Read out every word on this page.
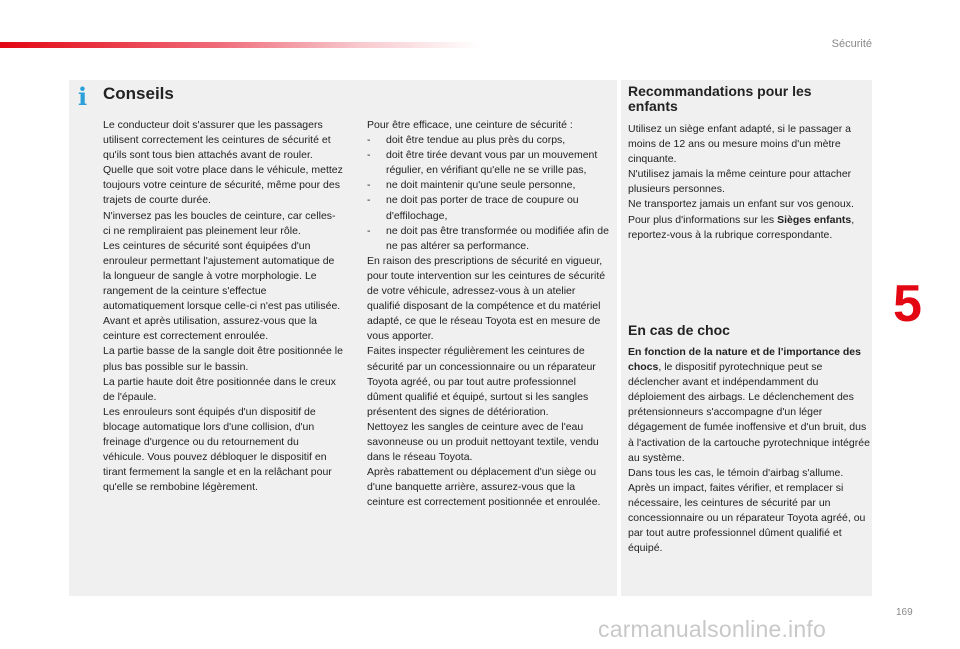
Sécurité
5
169
carmanualsonline.info
i Conseils

Le conducteur doit s'assurer que les passagers utilisent correctement les ceintures de sécurité et qu'ils sont tous bien attachés avant de rouler.

Quelle que soit votre place dans le véhicule, mettez toujours votre ceinture de sécurité, même pour des trajets de courte durée.

N'inversez pas les boucles de ceinture, car celles-ci ne rempliraient pas pleinement leur rôle.

Les ceintures de sécurité sont équipées d'un enrouleur permettant l'ajustement automatique de la longueur de sangle à votre morphologie. Le rangement de la ceinture s'effectue automatiquement lorsque celle-ci n'est pas utilisée.

Avant et après utilisation, assurez-vous que la ceinture est correctement enroulée.

La partie basse de la sangle doit être positionnée le plus bas possible sur le bassin.

La partie haute doit être positionnée dans le creux de l'épaule.

Les enrouleurs sont équipés d'un dispositif de blocage automatique lors d'une collision, d'un freinage d'urgence ou du retournement du véhicule. Vous pouvez débloquer le dispositif en tirant fermement la sangle et en la relâchant pour qu'elle se rembobine légèrement.

Pour être efficace, une ceinture de sécurité :

-	doit être tendue au plus près du corps,
-	doit être tirée devant vous par un mouvement régulier, en vérifiant qu'elle ne se vrille pas,
-	ne doit maintenir qu'une seule personne,
-	ne doit pas porter de trace de coupure ou d'effilochage,
-	ne doit pas être transformée ou modifiée afin de ne pas altérer sa performance.

En raison des prescriptions de sécurité en vigueur, pour toute intervention sur les ceintures de sécurité de votre véhicule, adressez-vous à un atelier qualifié disposant de la compétence et du matériel adapté, ce que le réseau Toyota est en mesure de vous apporter.

Faites inspecter régulièrement les ceintures de sécurité par un concessionnaire ou un réparateur Toyota agréé, ou par tout autre professionnel dûment qualifié et équipé, surtout si les sangles présentent des signes de détérioration.

Nettoyez les sangles de ceinture avec de l'eau savonneuse ou un produit nettoyant textile, vendu dans le réseau Toyota.

Après rabattement ou déplacement d'un siège ou d'une banquette arrière, assurez-vous que la ceinture est correctement positionnée et enroulée.

Recommandations pour les enfants

Utilisez un siège enfant adapté, si le passager a moins de 12 ans ou mesure moins d'un mètre cinquante.

N'utilisez jamais la même ceinture pour attacher plusieurs personnes.

Ne transportez jamais un enfant sur vos genoux.

Pour plus d'informations sur les Sièges enfants, reportez-vous à la rubrique correspondante.

En cas de choc

En fonction de la nature et de l'importance des chocs, le dispositif pyrotechnique peut se déclencher avant et indépendamment du déploiement des airbags. Le déclenchement des prétensionneurs s'accompagne d'un léger dégagement de fumée inoffensive et d'un bruit, dus à l'activation de la cartouche pyrotechnique intégrée au système.

Dans tous les cas, le témoin d'airbag s'allume.

Après un impact, faites vérifier, et remplacer si nécessaire, les ceintures de sécurité par un concessionnaire ou un réparateur Toyota agréé, ou par tout autre professionnel dûment qualifié et équipé.
